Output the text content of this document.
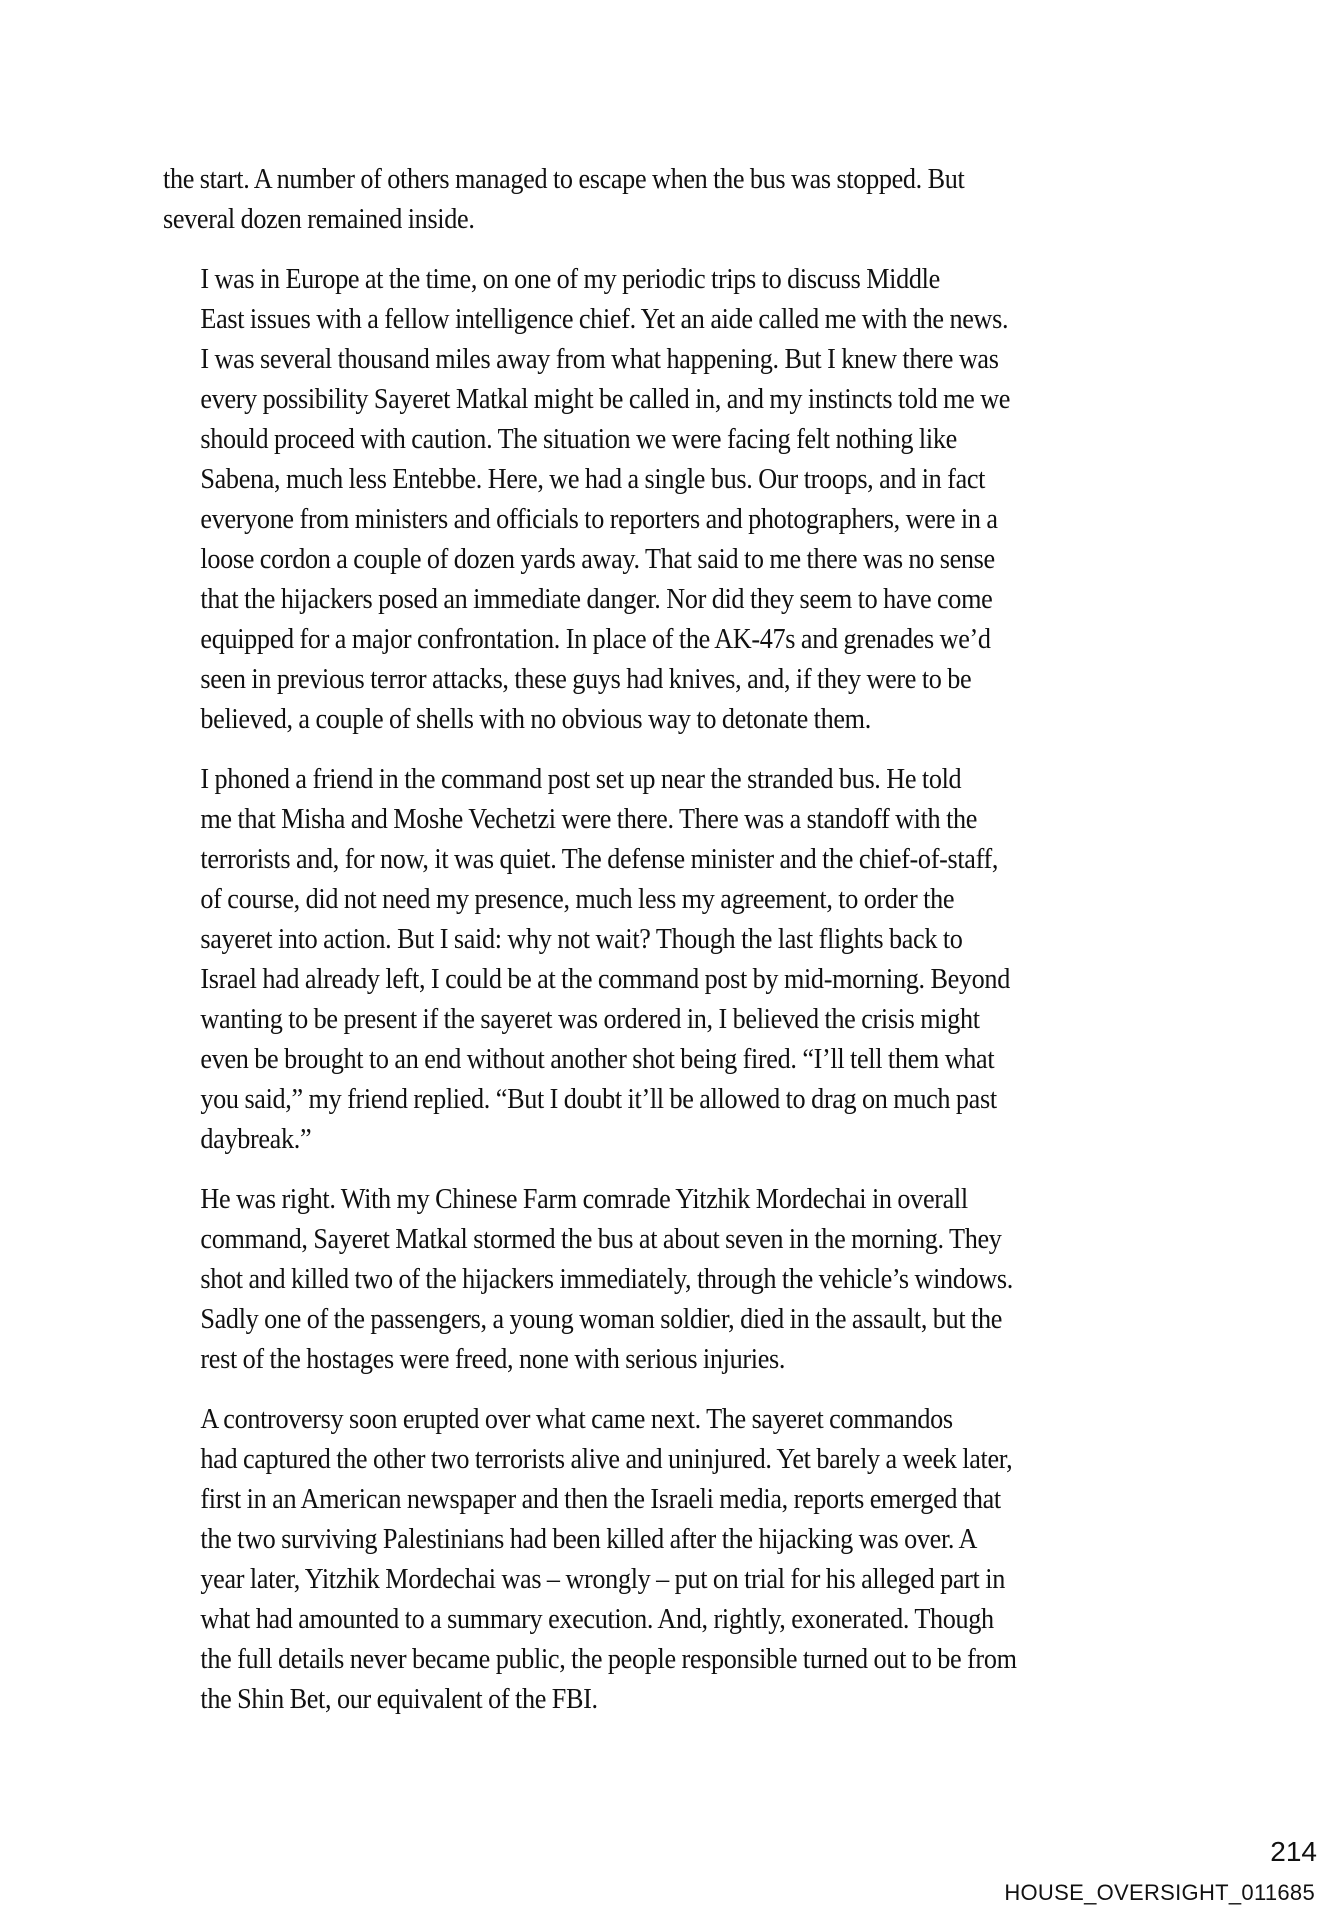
the start. A number of others managed to escape when the bus was stopped. But
several dozen remained inside.

I was in Europe at the time, on one of my periodic trips to discuss Middle
East issues with a fellow intelligence chief. Yet an aide called me with the news.
I was several thousand miles away from what happening. But I knew there was
every possibility Sayeret Matkal might be called in, and my instincts told me we
should proceed with caution. The situation we were facing felt nothing like
Sabena, much less Entebbe. Here, we had a single bus. Our troops, and in fact
everyone from ministers and officials to reporters and photographers, were in a
loose cordon a couple of dozen yards away. That said to me there was no sense
that the hijackers posed an immediate danger. Nor did they seem to have come
equipped for a major confrontation. In place of the AK-47s and grenades we’d
seen in previous terror attacks, these guys had knives, and, if they were to be
believed, a couple of shells with no obvious way to detonate them.

I phoned a friend in the command post set up near the stranded bus. He told
me that Misha and Moshe Vechetzi were there. There was a standoff with the
terrorists and, for now, it was quiet. The defense minister and the chief-of-staff,
of course, did not need my presence, much less my agreement, to order the
sayeret into action. But I said: why not wait? Though the last flights back to
Israel had already left, I could be at the command post by mid-morning. Beyond
wanting to be present if the sayeret was ordered in, I believed the crisis might
even be brought to an end without another shot being fired. “I’ll tell them what
you said,” my friend replied. “But I doubt it’ll be allowed to drag on much past
daybreak.”

He was right. With my Chinese Farm comrade Yitzhik Mordechai in overall
command, Sayeret Matkal stormed the bus at about seven in the morning. They
shot and killed two of the hijackers immediately, through the vehicle’s windows.
Sadly one of the passengers, a young woman soldier, died in the assault, but the
rest of the hostages were freed, none with serious injuries.

A controversy soon erupted over what came next. The sayeret commandos
had captured the other two terrorists alive and uninjured. Yet barely a week later,
first in an American newspaper and then the Israeli media, reports emerged that
the two surviving Palestinians had been killed after the hijacking was over. A
year later, Yitzhik Mordechai was – wrongly – put on trial for his alleged part in
what had amounted to a summary execution. And, rightly, exonerated. Though
the full details never became public, the people responsible turned out to be from
the Shin Bet, our equivalent of the FBI.

214
HOUSE_OVERSIGHT_011685
